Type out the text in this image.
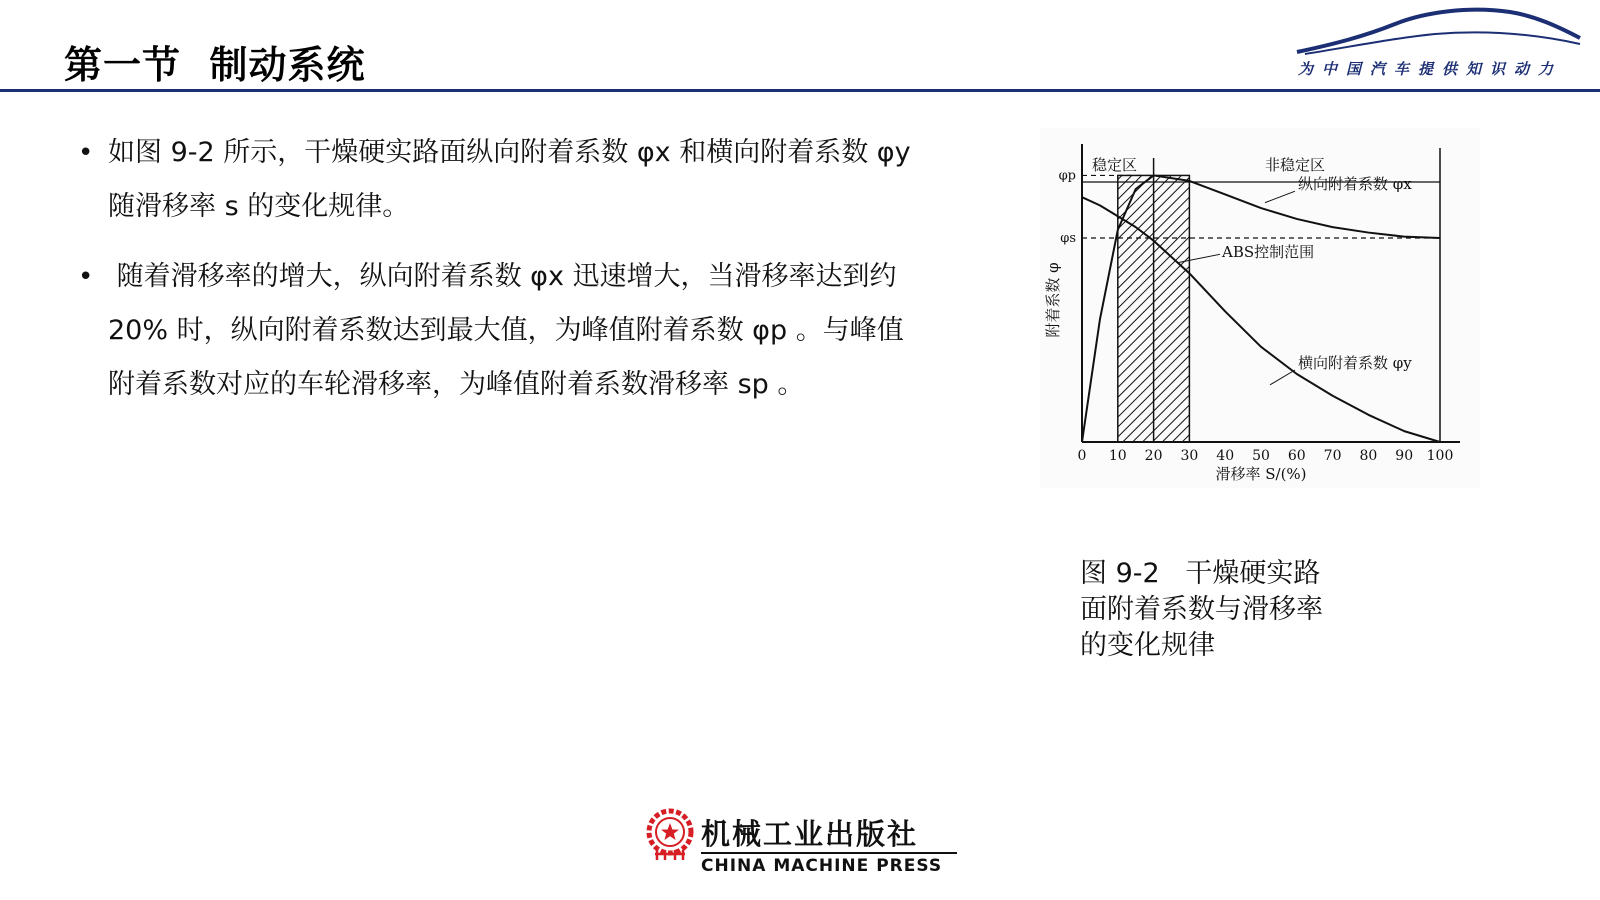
第一节  制动系统	为中国汽车提供知识动力
• 如图 9-2 所示，干燥硬实路面纵向附着系数 φx 和横向附着系数 φy
随滑移率 s 的变化规律。
• 随着滑移率的增大，纵向附着系数 φx 迅速增大，当滑移率达到约
20% 时，纵向附着系数达到最大值，为峰值附着系数 φp 。与峰值
附着系数对应的车轮滑移率，为峰值附着系数滑移率 sp 。
稳定区	非稳定区
ABS控制范围
纵向附着系数 φx
横向附着系数 φy
φp
φs
附着系数 φ
0 10 20 30 40 50 60 70 80 90 100
滑移率 S/(%)
图 9-2   干燥硬实路
面附着系数与滑移率
的变化规律
机械工业出版社
CHINA MACHINE PRESS
